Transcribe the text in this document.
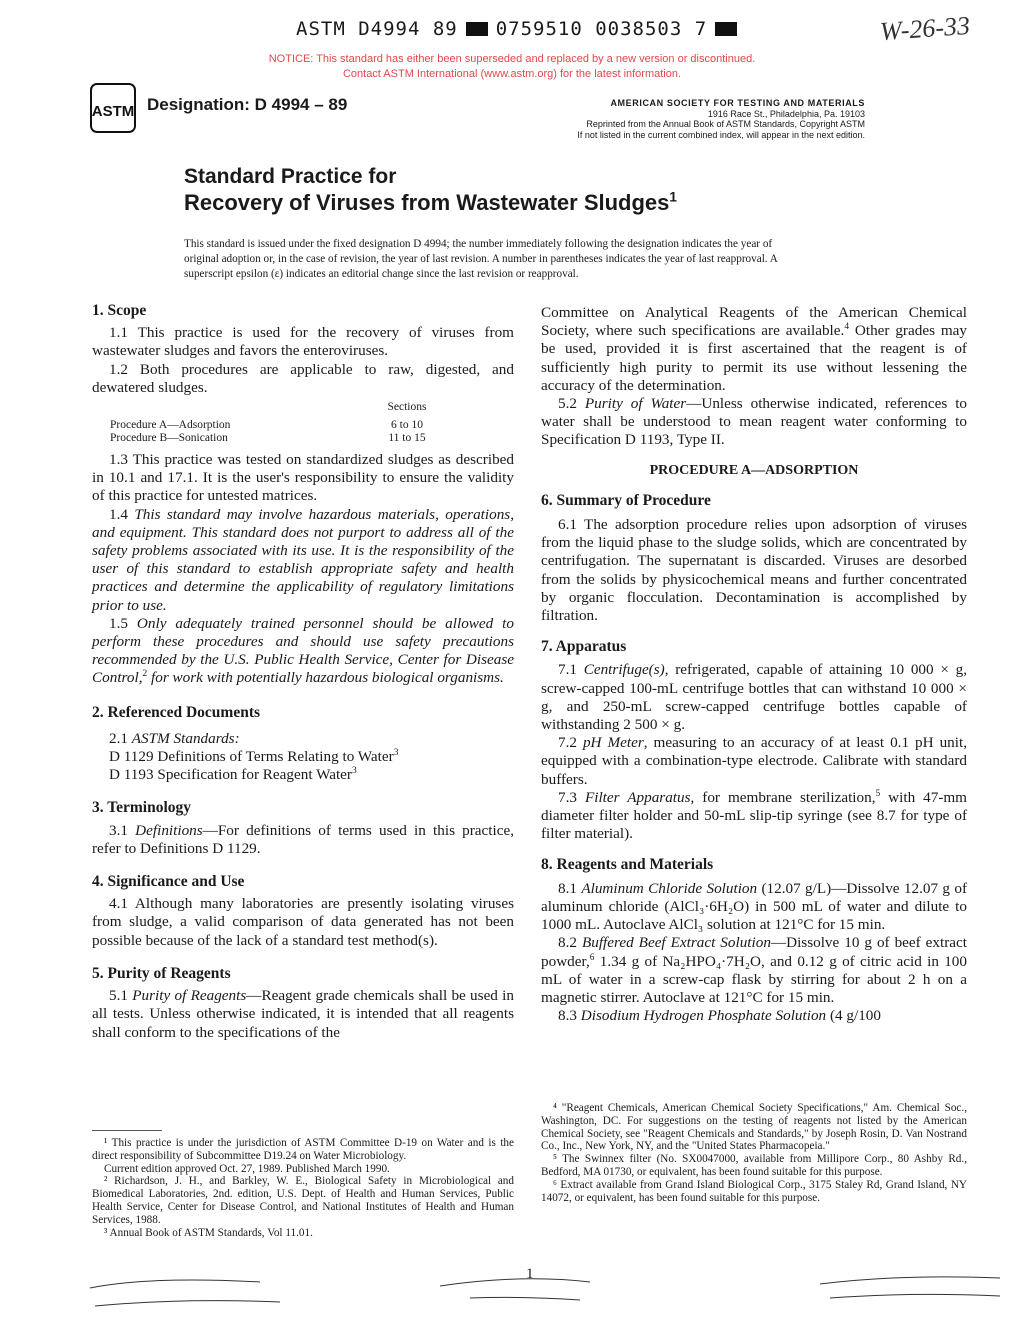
ASTM D4994 89 0759510 0038503 7	W-26-33
NOTICE: This standard has either been superseded and replaced by a new version or discontinued.
Contact ASTM International (www.astm.org) for the latest information.
ASTM Designation: D 4994 – 89	AMERICAN SOCIETY FOR TESTING AND MATERIALS
1916 Race St., Philadelphia, Pa. 19103
Reprinted from the Annual Book of ASTM Standards, Copyright ASTM
If not listed in the current combined index, will appear in the next edition.
Standard Practice for
Recovery of Viruses from Wastewater Sludges$^1$
This standard is issued under the fixed designation D 4994; the number immediately following the designation indicates the year of
original adoption or, in the case of revision, the year of last revision. A number in parentheses indicates the year of last reapproval. A
superscript epsilon (ε) indicates an editorial change since the last revision or reapproval.
1. Scope
1.1 This practice is used for the recovery of viruses from wastewater sludges and favors the enteroviruses.
1.2 Both procedures are applicable to raw, digested, and dewatered sludges.
Sections
Procedure A—Adsorption	6 to 10
Procedure B—Sonication	11 to 15
1.3 This practice was tested on standardized sludges as described in 10.1 and 17.1. It is the user's responsibility to ensure the validity of this practice for untested matrices.
1.4 This standard may involve hazardous materials, operations, and equipment. This standard does not purport to address all of the safety problems associated with its use. It is the responsibility of the user of this standard to establish appropriate safety and health practices and determine the applicability of regulatory limitations prior to use.
1.5 Only adequately trained personnel should be allowed to perform these procedures and should use safety precautions recommended by the U.S. Public Health Service, Center for Disease Control,$^2$ for work with potentially hazardous biological organisms.
2. Referenced Documents
2.1 ASTM Standards:
D 1129 Definitions of Terms Relating to Water$^3$
D 1193 Specification for Reagent Water$^3$
3. Terminology
3.1 Definitions—For definitions of terms used in this practice, refer to Definitions D 1129.
4. Significance and Use
4.1 Although many laboratories are presently isolating viruses from sludge, a valid comparison of data generated has not been possible because of the lack of a standard test method(s).
5. Purity of Reagents
5.1 Purity of Reagents—Reagent grade chemicals shall be used in all tests. Unless otherwise indicated, it is intended that all reagents shall conform to the specifications of the
¹ This practice is under the jurisdiction of ASTM Committee D-19 on Water and is the direct responsibility of Subcommittee D19.24 on Water Microbiology.
Current edition approved Oct. 27, 1989. Published March 1990.
² Richardson, J. H., and Barkley, W. E., Biological Safety in Microbiological and Biomedical Laboratories, 2nd. edition, U.S. Dept. of Health and Human Services, Public Health Service, Center for Disease Control, and National Institutes of Health and Human Services, 1988.
³ Annual Book of ASTM Standards, Vol 11.01.
Committee on Analytical Reagents of the American Chemical Society, where such specifications are available.$^4$ Other grades may be used, provided it is first ascertained that the reagent is of sufficiently high purity to permit its use without lessening the accuracy of the determination.
5.2 Purity of Water—Unless otherwise indicated, references to water shall be understood to mean reagent water conforming to Specification D 1193, Type II.
PROCEDURE A—ADSORPTION
6. Summary of Procedure
6.1 The adsorption procedure relies upon adsorption of viruses from the liquid phase to the sludge solids, which are concentrated by centrifugation. The supernatant is discarded. Viruses are desorbed from the solids by physicochemical means and further concentrated by organic flocculation. Decontamination is accomplished by filtration.
7. Apparatus
7.1 Centrifuge(s), refrigerated, capable of attaining 10 000 × g, screw-capped 100-mL centrifuge bottles that can withstand 10 000 × g, and 250-mL screw-capped centrifuge bottles capable of withstanding 2 500 × g.
7.2 pH Meter, measuring to an accuracy of at least 0.1 pH unit, equipped with a combination-type electrode. Calibrate with standard buffers.
7.3 Filter Apparatus, for membrane sterilization,$^5$ with 47-mm diameter filter holder and 50-mL slip-tip syringe (see 8.7 for type of filter material).
8. Reagents and Materials
8.1 Aluminum Chloride Solution (12.07 g/L)—Dissolve 12.07 g of aluminum chloride (AlCl₃·6H₂O) in 500 mL of water and dilute to 1000 mL. Autoclave AlCl₃ solution at 121°C for 15 min.
8.2 Buffered Beef Extract Solution—Dissolve 10 g of beef extract powder,$^6$ 1.34 g of Na₂HPO₄·7H₂O, and 0.12 g of citric acid in 100 mL of water in a screw-cap flask by stirring for about 2 h on a magnetic stirrer. Autoclave at 121°C for 15 min.
8.3 Disodium Hydrogen Phosphate Solution (4 g/100
⁴ "Reagent Chemicals, American Chemical Society Specifications," Am. Chemical Soc., Washington, DC. For suggestions on the testing of reagents not listed by the American Chemical Society, see "Reagent Chemicals and Standards," by Joseph Rosin, D. Van Nostrand Co., Inc., New York, NY, and the "United States Pharmacopeia."
⁵ The Swinnex filter (No. SX0047000, available from Millipore Corp., 80 Ashby Rd., Bedford, MA 01730, or equivalent, has been found suitable for this purpose.
⁶ Extract available from Grand Island Biological Corp., 3175 Staley Rd, Grand Island, NY 14072, or equivalent, has been found suitable for this purpose.
1
